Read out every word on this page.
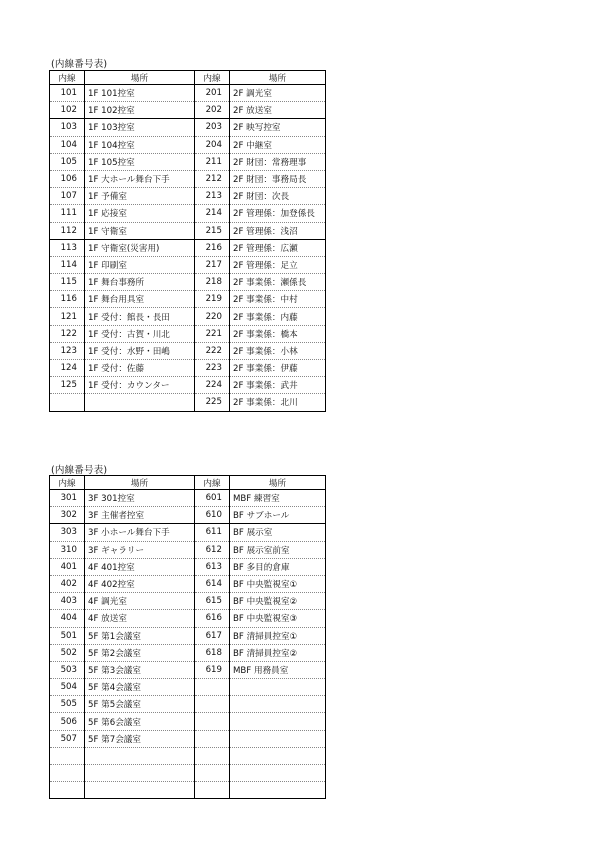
(内線番号表)
内線	場所	内線	場所
101	1F 101控室	201	2F 調光室
102	1F 102控室	202	2F 放送室
103	1F 103控室	203	2F 映写控室
104	1F 104控室	204	2F 中継室
105	1F 105控室	211	2F 財団：常務理事
106	1F 大ホール舞台下手	212	2F 財団：事務局長
107	1F 予備室	213	2F 財団：次長
111	1F 応接室	214	2F 管理係：加登係長
112	1F 守衛室	215	2F 管理係：浅沼
113	1F 守衛室(災害用)	216	2F 管理係：広瀬
114	1F 印刷室	217	2F 管理係：足立
115	1F 舞台事務所	218	2F 事業係：瀬係長
116	1F 舞台用具室	219	2F 事業係：中村
121	1F 受付：館長・長田	220	2F 事業係：内藤
122	1F 受付：古賀・川北	221	2F 事業係：橋本
123	1F 受付：水野・田嶋	222	2F 事業係：小林
124	1F 受付：佐藤	223	2F 事業係：伊藤
125	1F 受付：カウンター	224	2F 事業係：武井
		225	2F 事業係：北川
(内線番号表)
内線	場所	内線	場所
301	3F 301控室	601	MBF 練習室
302	3F 主催者控室	610	BF サブホール
303	3F 小ホール舞台下手	611	BF 展示室
310	3F ギャラリー	612	BF 展示室前室
401	4F 401控室	613	BF 多目的倉庫
402	4F 402控室	614	BF 中央監視室①
403	4F 調光室	615	BF 中央監視室②
404	4F 放送室	616	BF 中央監視室③
501	5F 第1会議室	617	BF 清掃員控室①
502	5F 第2会議室	618	BF 清掃員控室②
503	5F 第3会議室	619	MBF 用務員室
504	5F 第4会議室		
505	5F 第5会議室		
506	5F 第6会議室		
507	5F 第7会議室		
